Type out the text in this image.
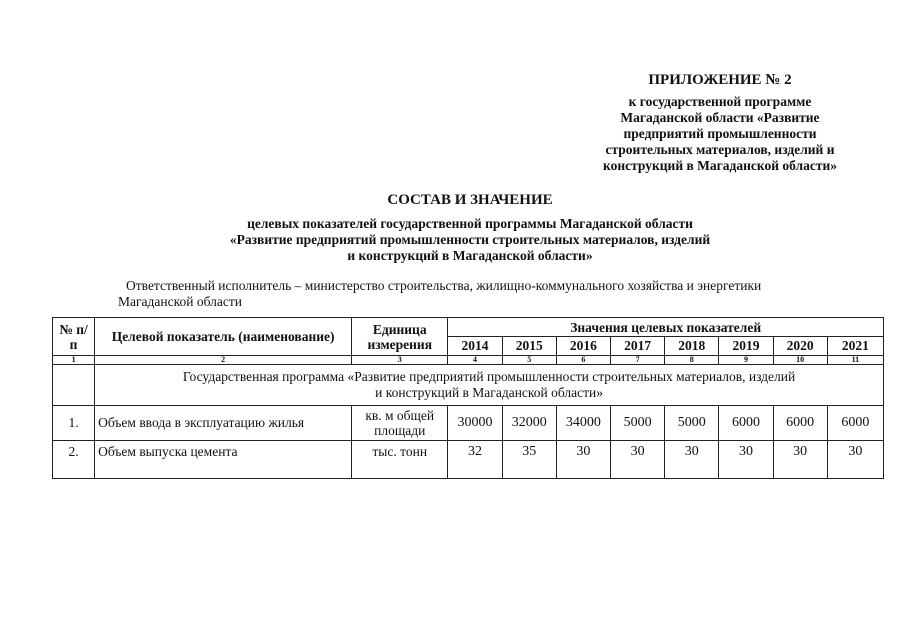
ПРИЛОЖЕНИЕ № 2
к государственной программе
Магаданской области «Развитие
предприятий промышленности
строительных материалов, изделий и
конструкций в Магаданской области»
СОСТАВ И ЗНАЧЕНИЕ
целевых показателей государственной программы Магаданской области
«Развитие предприятий промышленности строительных материалов, изделий
и конструкций в Магаданской области»
Ответственный исполнитель – министерство строительства, жилищно-коммунального хозяйства и энергетики
Магаданской области
№ п/п	Целевой показатель (наименование)	Единица измерения	Значения целевых показателей							
			2014	2015	2016	2017	2018	2019	2020	2021
1	2	3	4	5	6	7	8	9	10	11

	Государственная программа «Развитие предприятий промышленности строительных материалов, изделий
и конструкций в Магаданской области»									

1.	Объем ввода в эксплуатацию жилья	кв. м общей площади	30000	32000	34000	5000	5000	6000	6000	6000
2.	Объем выпуска цемента	тыс. тонн	32	35	30	30	30	30	30	30
